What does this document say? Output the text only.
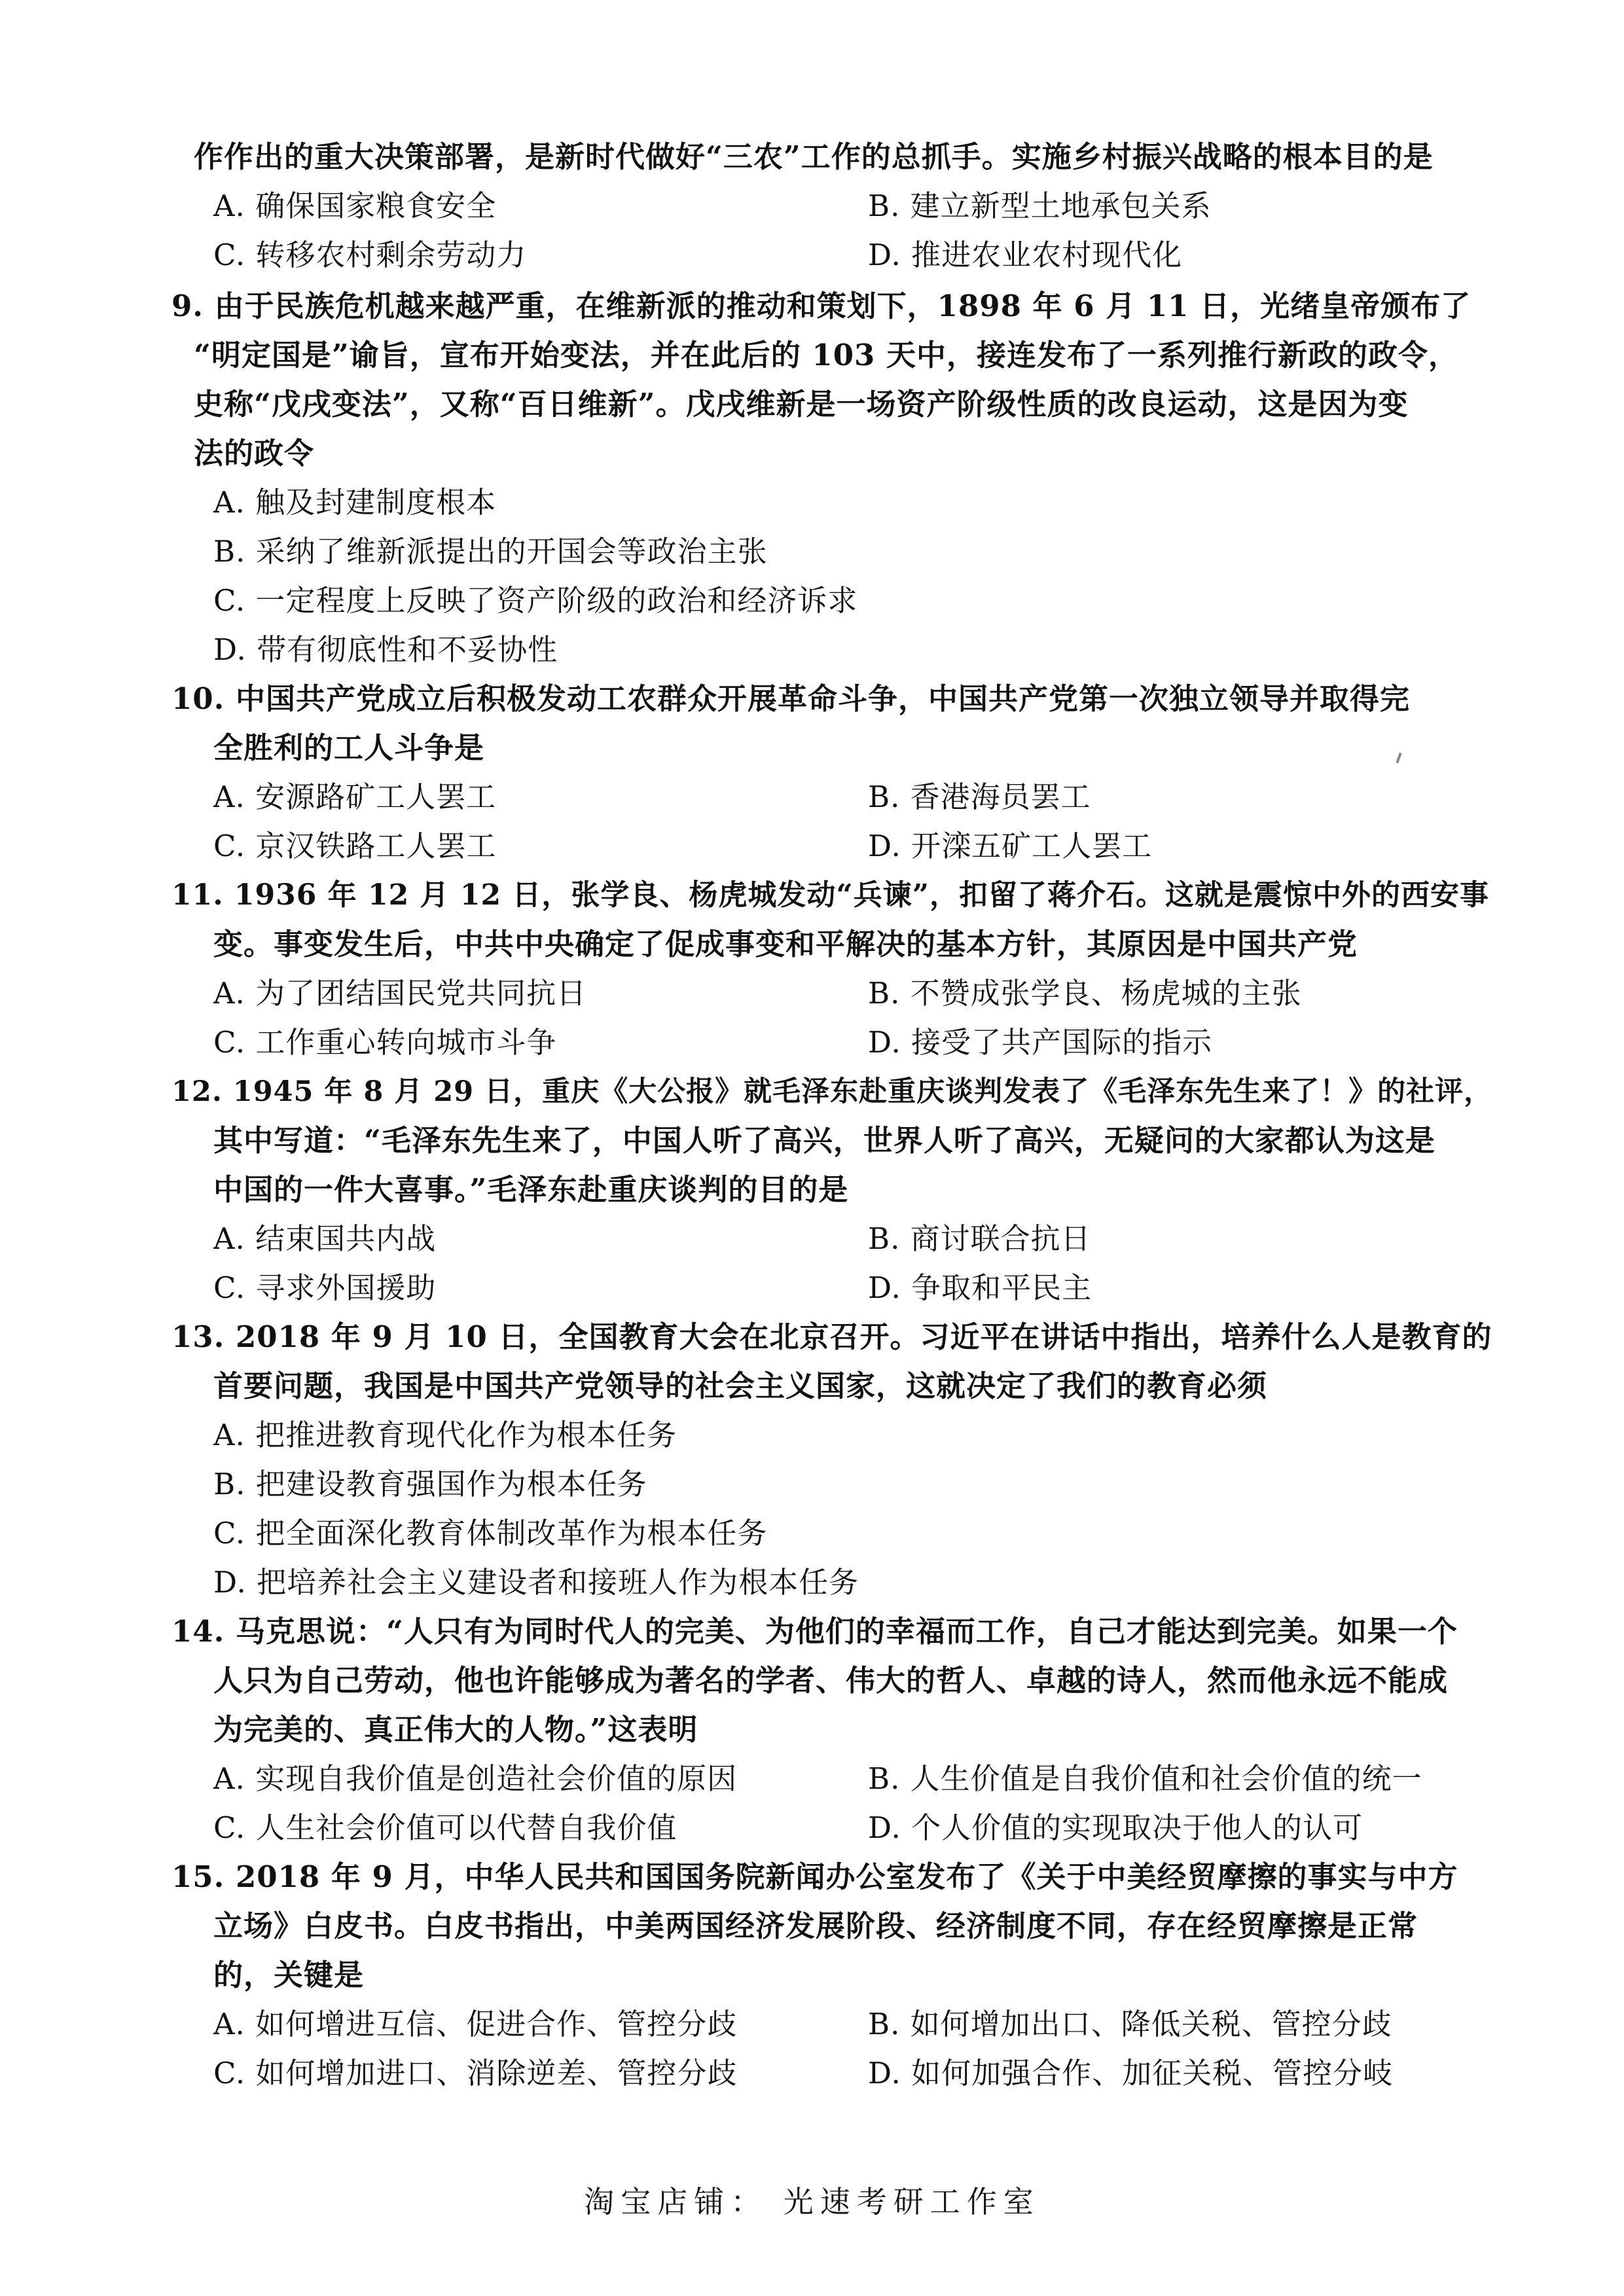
作作出的重大决策部署，是新时代做好“三农”工作的总抓手。实施乡村振兴战略的根本目的是
A. 确保国家粮食安全	B. 建立新型土地承包关系
C. 转移农村剩余劳动力	D. 推进农业农村现代化
9. 由于民族危机越来越严重，在维新派的推动和策划下，1898 年 6 月 11 日，光绪皇帝颁布了
“明定国是”谕旨，宣布开始变法，并在此后的 103 天中，接连发布了一系列推行新政的政令，
史称“戊戌变法”，又称“百日维新”。戊戌维新是一场资产阶级性质的改良运动，这是因为变
法的政令
A. 触及封建制度根本
B. 采纳了维新派提出的开国会等政治主张
C. 一定程度上反映了资产阶级的政治和经济诉求
D. 带有彻底性和不妥协性
10. 中国共产党成立后积极发动工农群众开展革命斗争，中国共产党第一次独立领导并取得完
全胜利的工人斗争是
A. 安源路矿工人罢工	B. 香港海员罢工
C. 京汉铁路工人罢工	D. 开滦五矿工人罢工
11. 1936 年 12 月 12 日，张学良、杨虎城发动“兵谏”，扣留了蒋介石。这就是震惊中外的西安事
变。事变发生后，中共中央确定了促成事变和平解决的基本方针，其原因是中国共产党
A. 为了团结国民党共同抗日	B. 不赞成张学良、杨虎城的主张
C. 工作重心转向城市斗争	D. 接受了共产国际的指示
12. 1945 年 8 月 29 日，重庆《大公报》就毛泽东赴重庆谈判发表了《毛泽东先生来了！》的社评，
其中写道：“毛泽东先生来了，中国人听了高兴，世界人听了高兴，无疑问的大家都认为这是
中国的一件大喜事。”毛泽东赴重庆谈判的目的是
A. 结束国共内战	B. 商讨联合抗日
C. 寻求外国援助	D. 争取和平民主
13. 2018 年 9 月 10 日，全国教育大会在北京召开。习近平在讲话中指出，培养什么人是教育的
首要问题，我国是中国共产党领导的社会主义国家，这就决定了我们的教育必须
A. 把推进教育现代化作为根本任务
B. 把建设教育强国作为根本任务
C. 把全面深化教育体制改革作为根本任务
D. 把培养社会主义建设者和接班人作为根本任务
14. 马克思说：“人只有为同时代人的完美、为他们的幸福而工作，自己才能达到完美。如果一个
人只为自己劳动，他也许能够成为著名的学者、伟大的哲人、卓越的诗人，然而他永远不能成
为完美的、真正伟大的人物。”这表明
A. 实现自我价值是创造社会价值的原因	B. 人生价值是自我价值和社会价值的统一
C. 人生社会价值可以代替自我价值	D. 个人价值的实现取决于他人的认可
15. 2018 年 9 月，中华人民共和国国务院新闻办公室发布了《关于中美经贸摩擦的事实与中方
立场》白皮书。白皮书指出，中美两国经济发展阶段、经济制度不同，存在经贸摩擦是正常
的，关键是
A. 如何增进互信、促进合作、管控分歧	B. 如何增加出口、降低关税、管控分歧
C. 如何增加进口、消除逆差、管控分歧	D. 如何加强合作、加征关税、管控分岐
淘宝店铺： 光速考研工作室
